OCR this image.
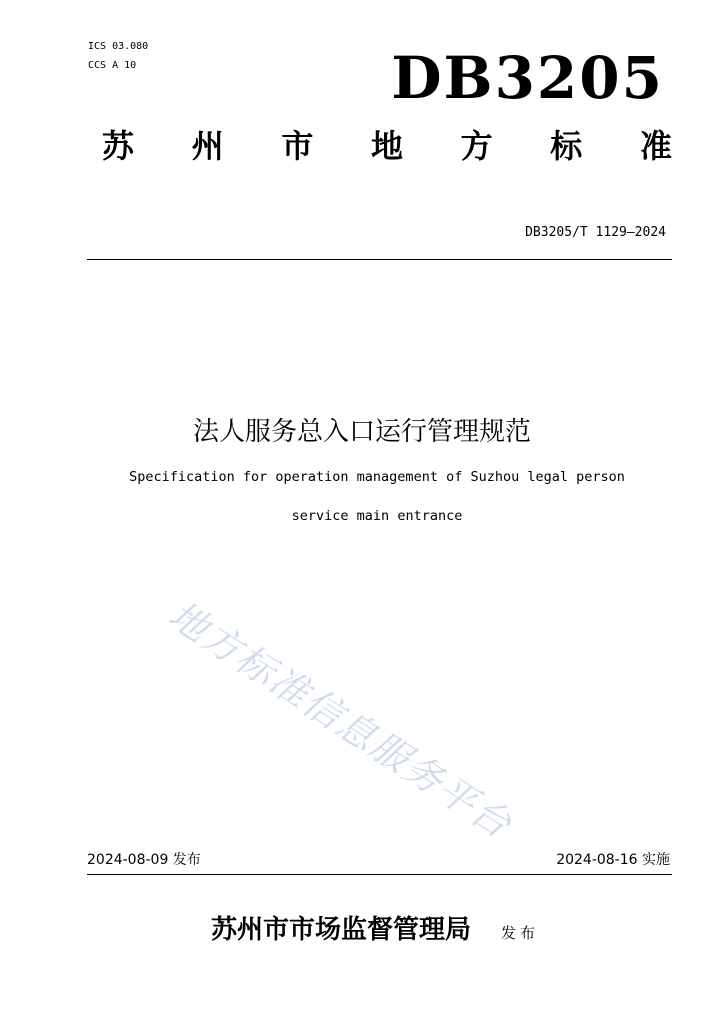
ICS 03.080
CCS A 10	DB3205
苏 州 市 地 方 标 准
DB3205/T 1129—2024
法人服务总入口运行管理规范
Specification for operation management of Suzhou legal person
service main entrance
地方标准信息服务平台
2024-08-09 发布	2024-08-16 实施
苏州市市场监督管理局 发布
